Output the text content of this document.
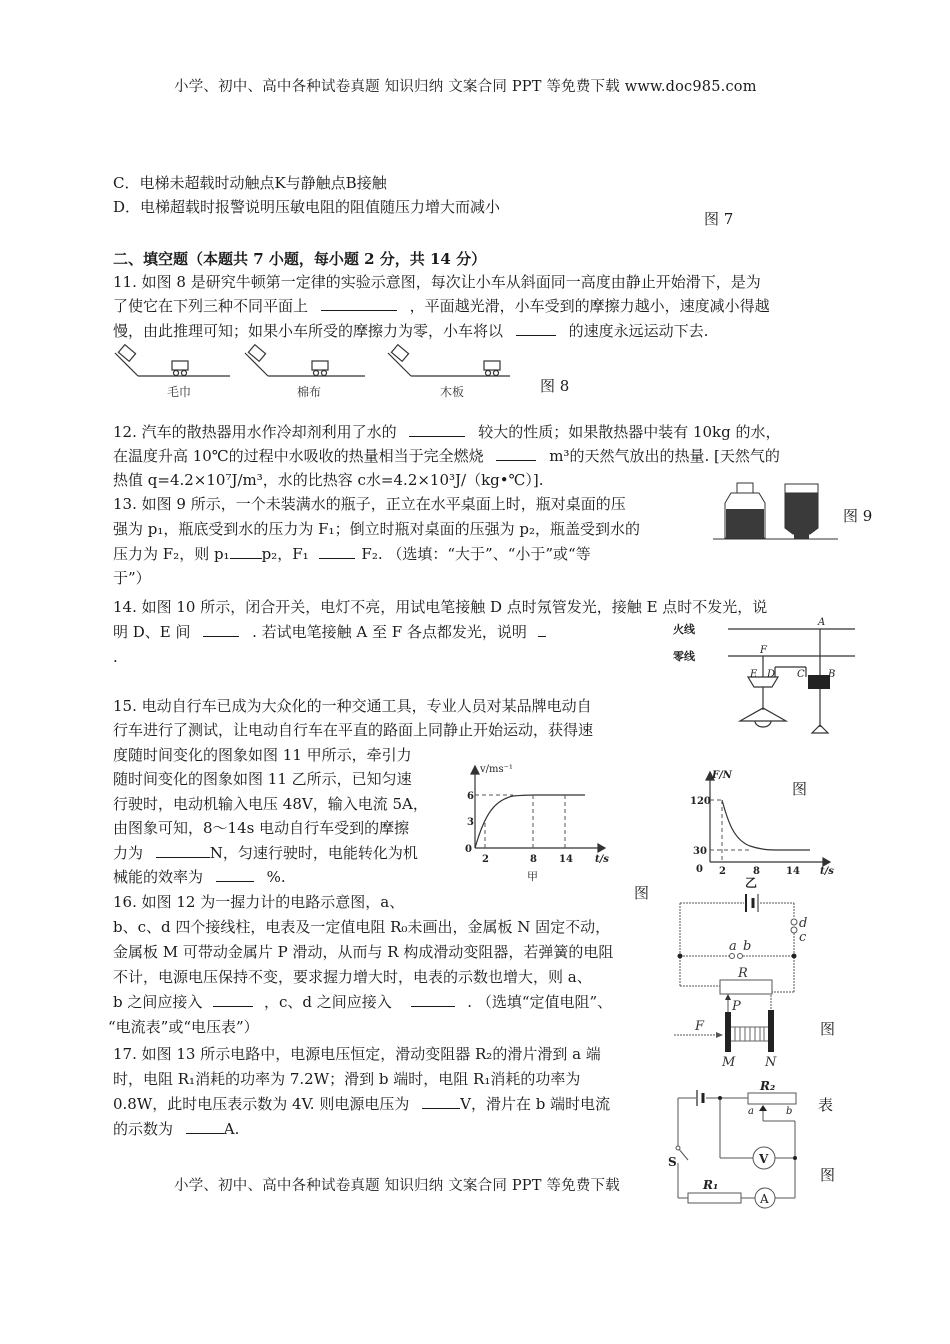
小学、初中、高中各种试卷真题 知识归纳 文案合同 PPT 等免费下载 www.doc985.com
C．电梯未超载时动触点K与静触点B接触
D．电梯超载时报警说明压敏电阻的阻值随压力增大而减小
图 7
二、填空题（本题共 7 小题，每小题 2 分，共 14 分）
11. 如图 8 是研究牛顿第一定律的实验示意图，每次让小车从斜面同一高度由静止开始滑下，是为
了使它在下列三种不同平面上	，平面越光滑，小车受到的摩擦力越小，速度减小得越
慢，由此推理可知；如果小车所受的摩擦力为零，小车将以	的速度永远运动下去.
毛巾	棉布	木板	图 8
12. 汽车的散热器用水作冷却剂利用了水的	较大的性质；如果散热器中装有 10kg 的水，
在温度升高 10℃的过程中水吸收的热量相当于完全燃烧	m³的天然气放出的热量. [天然气的
热值 q=4.2×10⁷J/m³，水的比热容 c水=4.2×10³J/（kg•℃）].
13. 如图 9 所示，一个未装满水的瓶子，正立在水平桌面上时，瓶对桌面的压
强为 p₁，瓶底受到水的压力为 F₁；倒立时瓶对桌面的压强为 p₂，瓶盖受到水的
压力为 F₂，则 p₁ p₂，F₁	F₂. （选填：“大于”、“小于”或“等
于”）
图 9
14. 如图 10 所示，闭合开关，电灯不亮，用试电笔接触 D 点时氖管发光，接触 E 点时不发光，说
明 D、E 间	. 若试电笔接触 A 至 F 各点都发光，说明
.
火线
零线
A
B
C
D
E
F
15. 电动自行车已成为大众化的一种交通工具，专业人员对某品牌电动自
行车进行了测试，让电动自行车在平直的路面上同静止开始运动，获得速
度随时间变化的图象如图 11 甲所示，牵引力
随时间变化的图象如图 11 乙所示，已知匀速
行驶时，电动机输入电压 48V，输入电流 5A，
由图象可知，8～14s 电动自行车受到的摩擦
力为	N，匀速行驶时，电能转化为机
械能的效率为	%.
6
3
0
2	8 14 t/s
v/ms⁻¹
甲
图
图
120
30
0 2	8	14 t/s
F/N
乙
16. 如图 12 为一握力计的电路示意图，a、
b、c、d 四个接线柱，电表及一定值电阻 R₀未画出，金属板 N 固定不动，
金属板 M 可带动金属片 P 滑动，从而与 R 构成滑动变阻器，若弹簧的电阻
不计，电源电压保持不变，要求握力增大时，电表的示数也增大，则 a、
b 之间应接入	，c、d 之间应接入	. （选填“定值电阻”、
“电流表”或“电压表”）
d
c
a b
R
P
F
M N
图
17. 如图 13 所示电路中，电源电压恒定，滑动变阻器 R₂的滑片滑到 a 端
时，电阻 R₁消耗的功率为 7.2W；滑到 b 端时，电阻 R₁消耗的功率为
0.8W，此时电压表示数为 4V. 则电源电压为	V，滑片在 b 端时电流
的示数为	A.
V
A
R₂
R₁
S
a	b 表
图
小学、初中、高中各种试卷真题 知识归纳 文案合同 PPT 等免费下载
